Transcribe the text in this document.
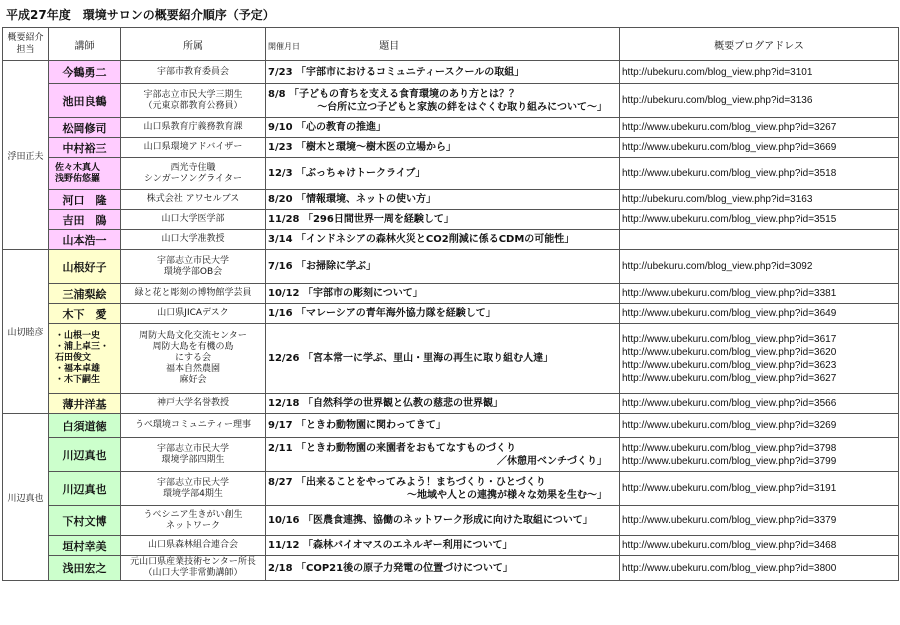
平成27年度　環境サロンの概要紹介順序（予定）
概要紹介担当	講師	所属	開催月日 題目	概要ブログアドレス
浮田正夫	今鶴勇二	宇部市教育委員会	7/23 「宇部市におけるコミュニティースクールの取組」	http://ubekuru.com/blog_view.php?id=3101

	池田良鶴	宇部志立市民大学三期生
（元東京都教育公務員）	8/8 「子どもの育ちを支える食育環境のあり方とは？？
～台所に立つ子どもと家族の絆をはぐくむ取り組みについて～」	http://ubekuru.com/blog_view.php?id=3136

	松岡修司	山口県教育庁義務教育課	9/10 「心の教育の推進」	http://www.ubekuru.com/blog_view.php?id=3267

	中村裕三	山口県環境アドバイザー	1/23 「樹木と環境～樹木医の立場から」	http://www.ubekuru.com/blog_view.php?id=3669

	佐々木真人
浅野佑悠羅	西光寺住職
シンガーソングライター	12/3 「ぶっちゃけトークライブ」	http://www.ubekuru.com/blog_view.php?id=3518

	河口　隆	株式会社 アワセルブス	8/20 「情報環境、ネットの使い方」	http://ubekuru.com/blog_view.php?id=3163

	吉田　隝	山口大学医学部	11/28 「296日間世界一周を経験して」	http://www.ubekuru.com/blog_view.php?id=3515

	山本浩一	山口大学准教授	3/14 「インドネシアの森林火災とCO2削減に係るCDMの可能性」	

山切睦彦	山根好子	宇部志立市民大学
環境学部OB会	7/16 「お掃除に学ぶ」	http://ubekuru.com/blog_view.php?id=3092

	三浦梨絵	緑と花と彫刻の博物館学芸員	10/12 「宇部市の彫刻について」	http://www.ubekuru.com/blog_view.php?id=3381

	木下　愛	山口県JICAデスク	1/16 「マレーシアの青年海外協力隊を経験して」	http://www.ubekuru.com/blog_view.php?id=3649

	・山根一史
・浦上卓三・
石田俊文
・福本卓雄
・木下嗣生	周防大島文化交流センター
周防大島を有機の島
にする会
福本自然農園
麻好会	12/26 「宮本常一に学ぶ、里山・里海の再生に取り組む人達」	http://www.ubekuru.com/blog_view.php?id=3617
http://www.ubekuru.com/blog_view.php?id=3620
http://www.ubekuru.com/blog_view.php?id=3623
http://www.ubekuru.com/blog_view.php?id=3627

	薄井洋基	神戸大学名誉教授	12/18 「自然科学の世界観と仏教の慈悲の世界観」	http://www.ubekuru.com/blog_view.php?id=3566

川辺真也	白須道徳	うべ環境コミュニティー理事	9/17 「ときわ動物園に関わってきて」	http://www.ubekuru.com/blog_view.php?id=3269

	川辺真也	宇部志立市民大学
環境学部四期生	2/11 「ときわ動物園の来園者をおもてなすものづくり
／休憩用ベンチづくり」	http://www.ubekuru.com/blog_view.php?id=3798
http://www.ubekuru.com/blog_view.php?id=3799

	川辺真也	宇部志立市民大学
環境学部4期生	8/27 「出来ることをやってみよう！まちづくり・ひとづくり
～地域や人との連携が様々な効果を生む～」	http://www.ubekuru.com/blog_view.php?id=3191

	下村文博	うべシニア生きがい創生
ネットワーク	10/16 「医農食連携、協働のネットワーク形成に向けた取組について」	http://www.ubekuru.com/blog_view.php?id=3379

	垣村幸美	山口県森林組合連合会	11/12 「森林バイオマスのエネルギー利用について」	http://www.ubekuru.com/blog_view.php?id=3468

	浅田宏之	元山口県産業技術センター所長
（山口大学非常勤講師）	2/18 「COP21後の原子力発電の位置づけについて」	http://www.ubekuru.com/blog_view.php?id=3800
